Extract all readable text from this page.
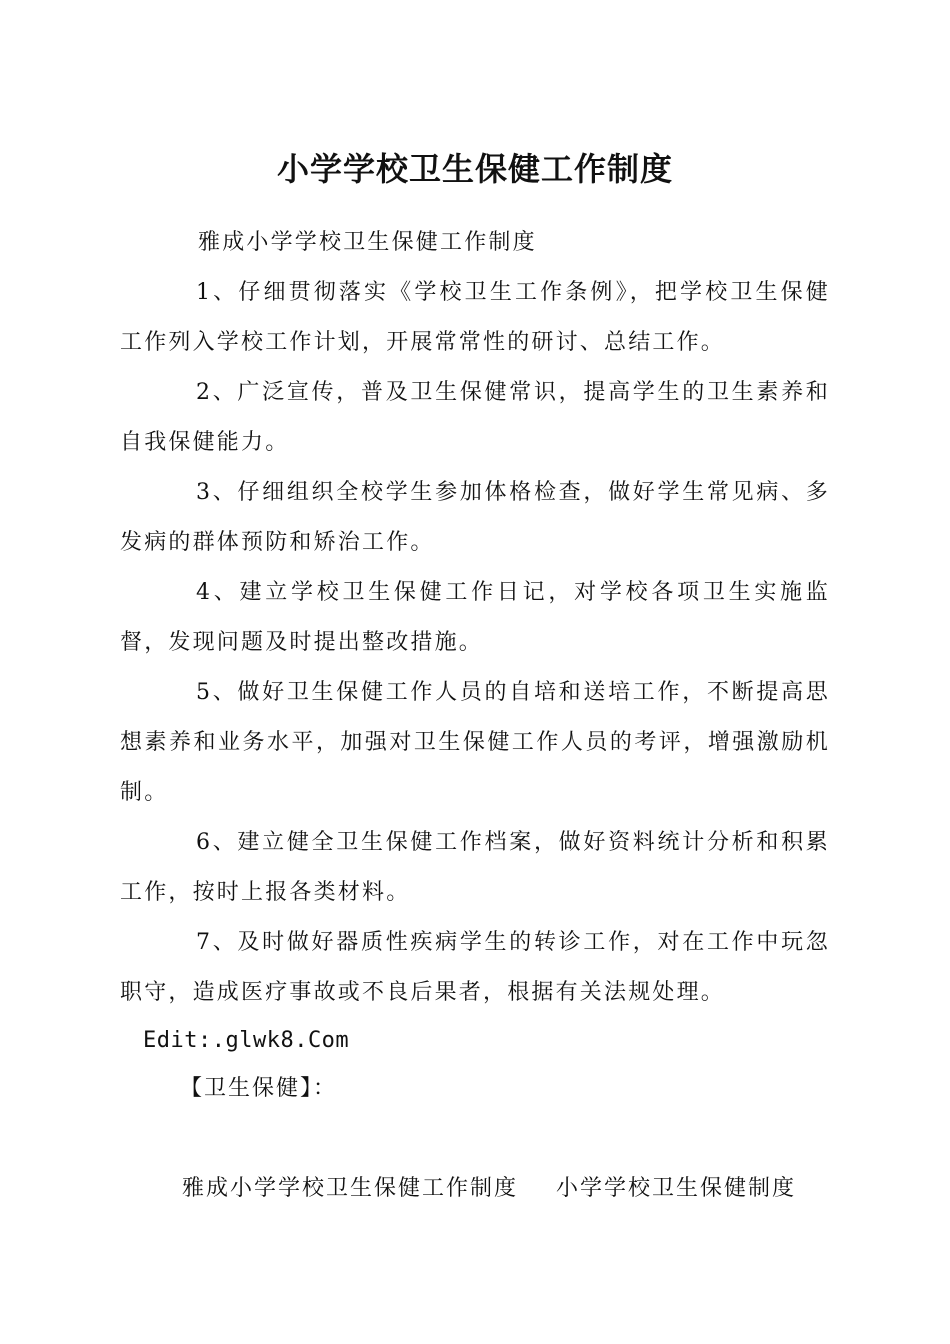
小学学校卫生保健工作制度

雅成小学学校卫生保健工作制度

1、仔细贯彻落实《学校卫生工作条例》，把学校卫生保健工作列入学校工作计划，开展常常性的研讨、总结工作。

2、广泛宣传，普及卫生保健常识，提高学生的卫生素养和自我保健能力。

3、仔细组织全校学生参加体格检查，做好学生常见病、多发病的群体预防和矫治工作。

4、建立学校卫生保健工作日记，对学校各项卫生实施监督，发现问题及时提出整改措施。

5、做好卫生保健工作人员的自培和送培工作，不断提高思想素养和业务水平，加强对卫生保健工作人员的考评，增强激励机制。

6、建立健全卫生保健工作档案，做好资料统计分析和积累工作，按时上报各类材料。

7、及时做好器质性疾病学生的转诊工作，对在工作中玩忽职守，造成医疗事故或不良后果者，根据有关法规处理。

Edit:.glwk8.Com

【卫生保健】：

雅成小学学校卫生保健工作制度 小学学校卫生保健制度
